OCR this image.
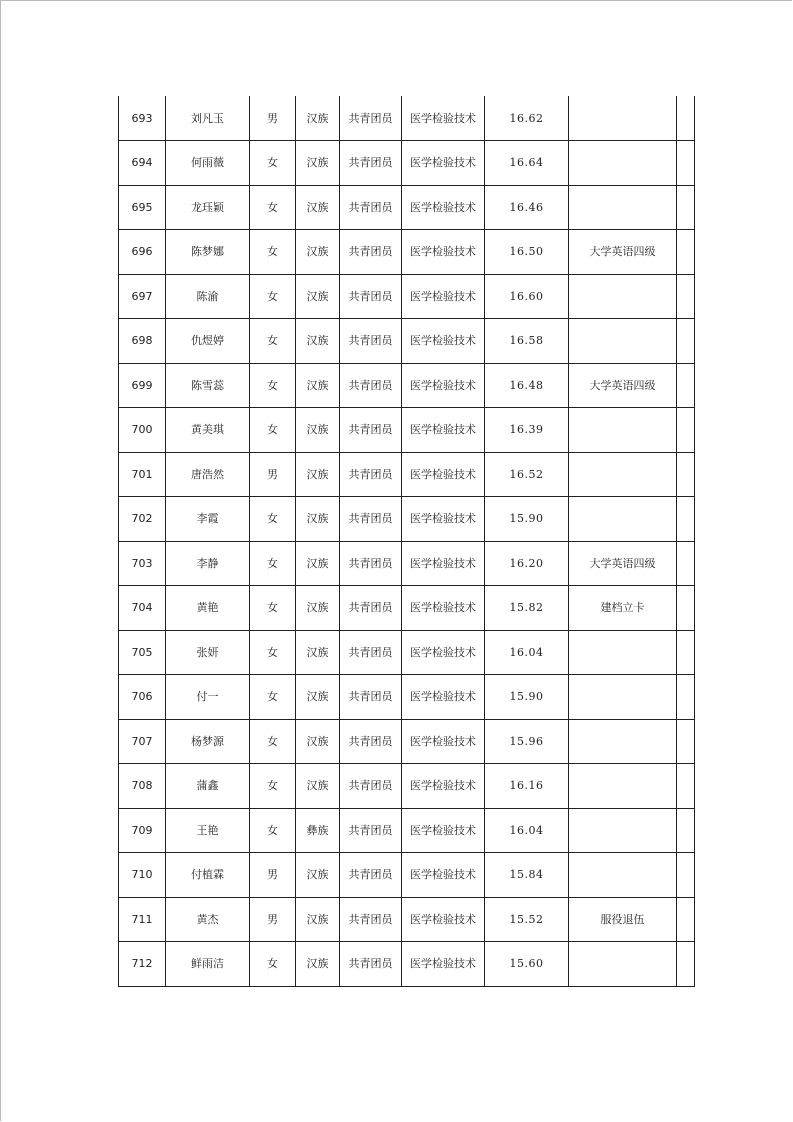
693	刘凡玉	男	汉族	共青团员	医学检验技术	16.62		
694	何雨薇	女	汉族	共青团员	医学检验技术	16.64		
695	龙珏颖	女	汉族	共青团员	医学检验技术	16.46		
696	陈梦娜	女	汉族	共青团员	医学检验技术	16.50	大学英语四级	
697	陈渝	女	汉族	共青团员	医学检验技术	16.60		
698	仇煜婷	女	汉族	共青团员	医学检验技术	16.58		
699	陈雪蕊	女	汉族	共青团员	医学检验技术	16.48	大学英语四级	
700	黄美琪	女	汉族	共青团员	医学检验技术	16.39		
701	唐浩然	男	汉族	共青团员	医学检验技术	16.52		
702	李霞	女	汉族	共青团员	医学检验技术	15.90		
703	李静	女	汉族	共青团员	医学检验技术	16.20	大学英语四级	
704	黄艳	女	汉族	共青团员	医学检验技术	15.82	建档立卡	
705	张妍	女	汉族	共青团员	医学检验技术	16.04		
706	付一	女	汉族	共青团员	医学检验技术	15.90		
707	杨梦源	女	汉族	共青团员	医学检验技术	15.96		
708	蒲鑫	女	汉族	共青团员	医学检验技术	16.16		
709	王艳	女	彝族	共青团员	医学检验技术	16.04		
710	付植霖	男	汉族	共青团员	医学检验技术	15.84		
711	黄杰	男	汉族	共青团员	医学检验技术	15.52	服役退伍	
712	鲜雨洁	女	汉族	共青团员	医学检验技术	15.60		
